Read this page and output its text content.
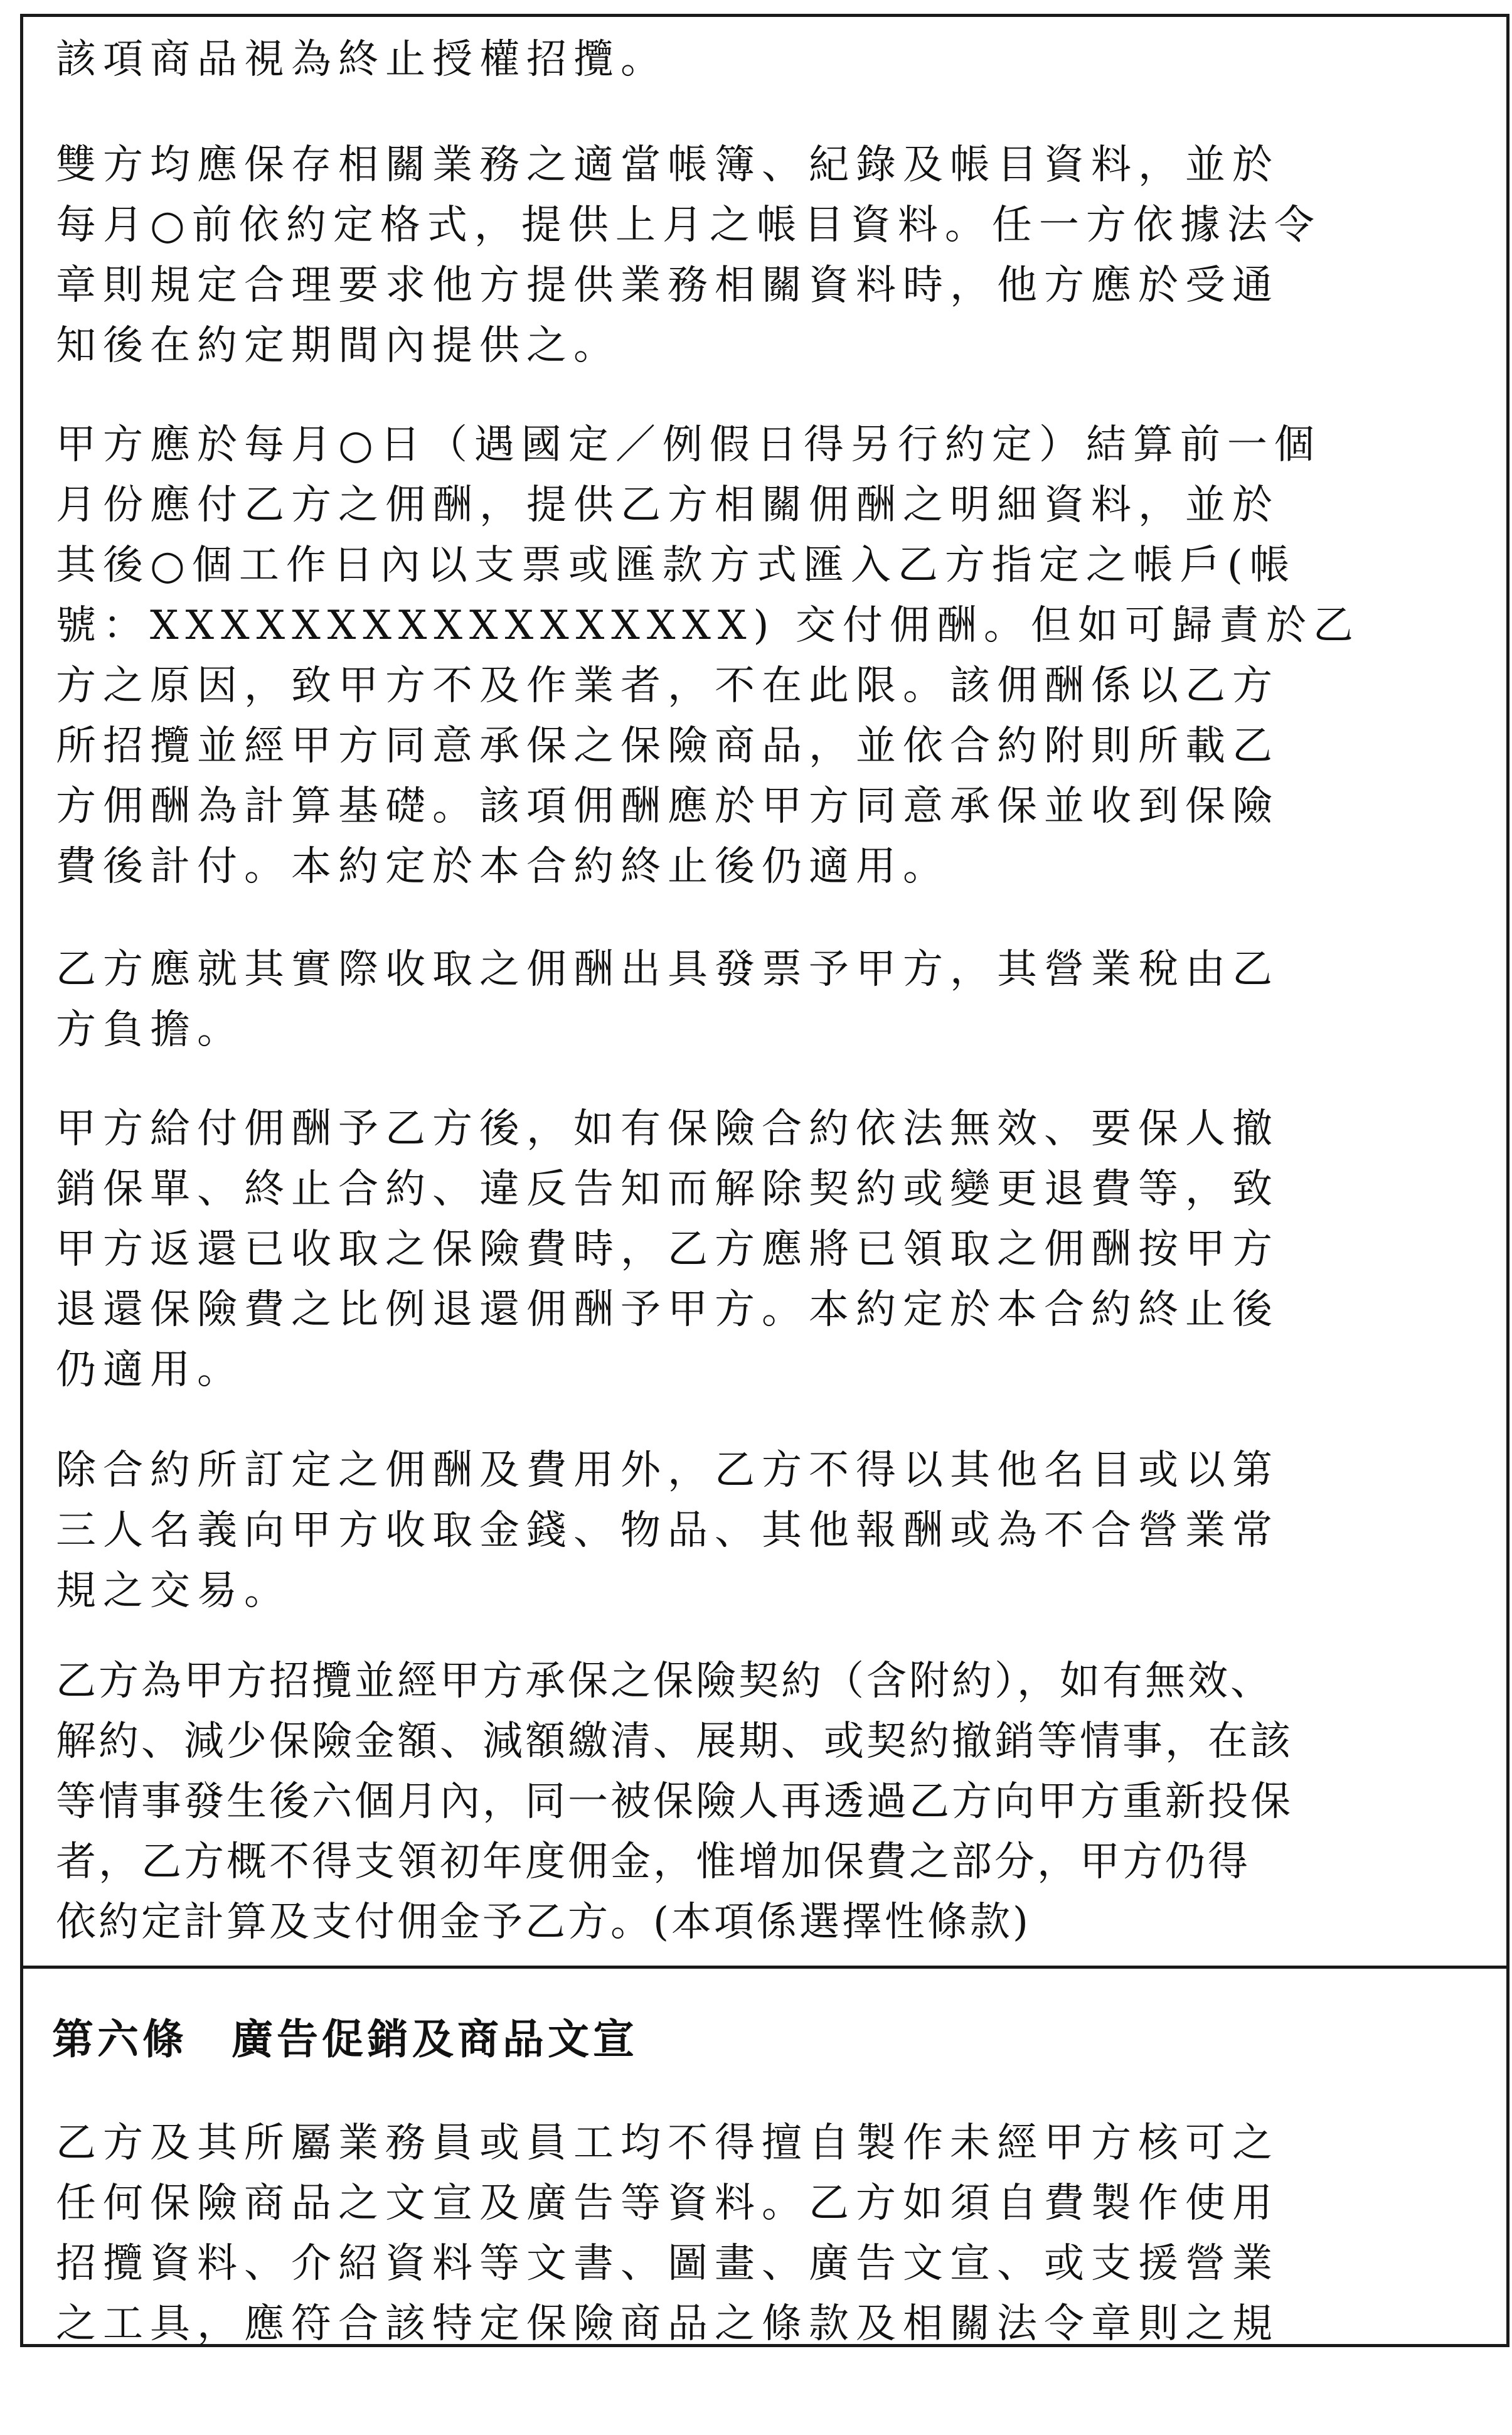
該項商品視為終止授權招攬。
雙方均應保存相關業務之適當帳簿、紀錄及帳目資料，並於
每月○前依約定格式，提供上月之帳目資料。任一方依據法令
章則規定合理要求他方提供業務相關資料時，他方應於受通
知後在約定期間內提供之。
甲方應於每月○日（遇國定／例假日得另行約定）結算前一個
月份應付乙方之佣酬，提供乙方相關佣酬之明細資料，並於
其後○個工作日內以支票或匯款方式匯入乙方指定之帳戶(帳
號：XXXXXXXXXXXXXXXXX) 交付佣酬。但如可歸責於乙
方之原因，致甲方不及作業者，不在此限。該佣酬係以乙方
所招攬並經甲方同意承保之保險商品，並依合約附則所載乙
方佣酬為計算基礎。該項佣酬應於甲方同意承保並收到保險
費後計付。本約定於本合約終止後仍適用。
乙方應就其實際收取之佣酬出具發票予甲方，其營業稅由乙
方負擔。
甲方給付佣酬予乙方後，如有保險合約依法無效、要保人撤
銷保單、終止合約、違反告知而解除契約或變更退費等，致
甲方返還已收取之保險費時，乙方應將已領取之佣酬按甲方
退還保險費之比例退還佣酬予甲方。本約定於本合約終止後
仍適用。
除合約所訂定之佣酬及費用外，乙方不得以其他名目或以第
三人名義向甲方收取金錢、物品、其他報酬或為不合營業常
規之交易。
乙方為甲方招攬並經甲方承保之保險契約（含附約），如有無效、
解約、減少保險金額、減額繳清、展期、或契約撤銷等情事，在該
等情事發生後六個月內，同一被保險人再透過乙方向甲方重新投保
者，乙方概不得支領初年度佣金，惟增加保費之部分，甲方仍得
依約定計算及支付佣金予乙方。(本項係選擇性條款)
第六條 廣告促銷及商品文宣
乙方及其所屬業務員或員工均不得擅自製作未經甲方核可之
任何保險商品之文宣及廣告等資料。乙方如須自費製作使用
招攬資料、介紹資料等文書、圖畫、廣告文宣、或支援營業
之工具，應符合該特定保險商品之條款及相關法令章則之規
